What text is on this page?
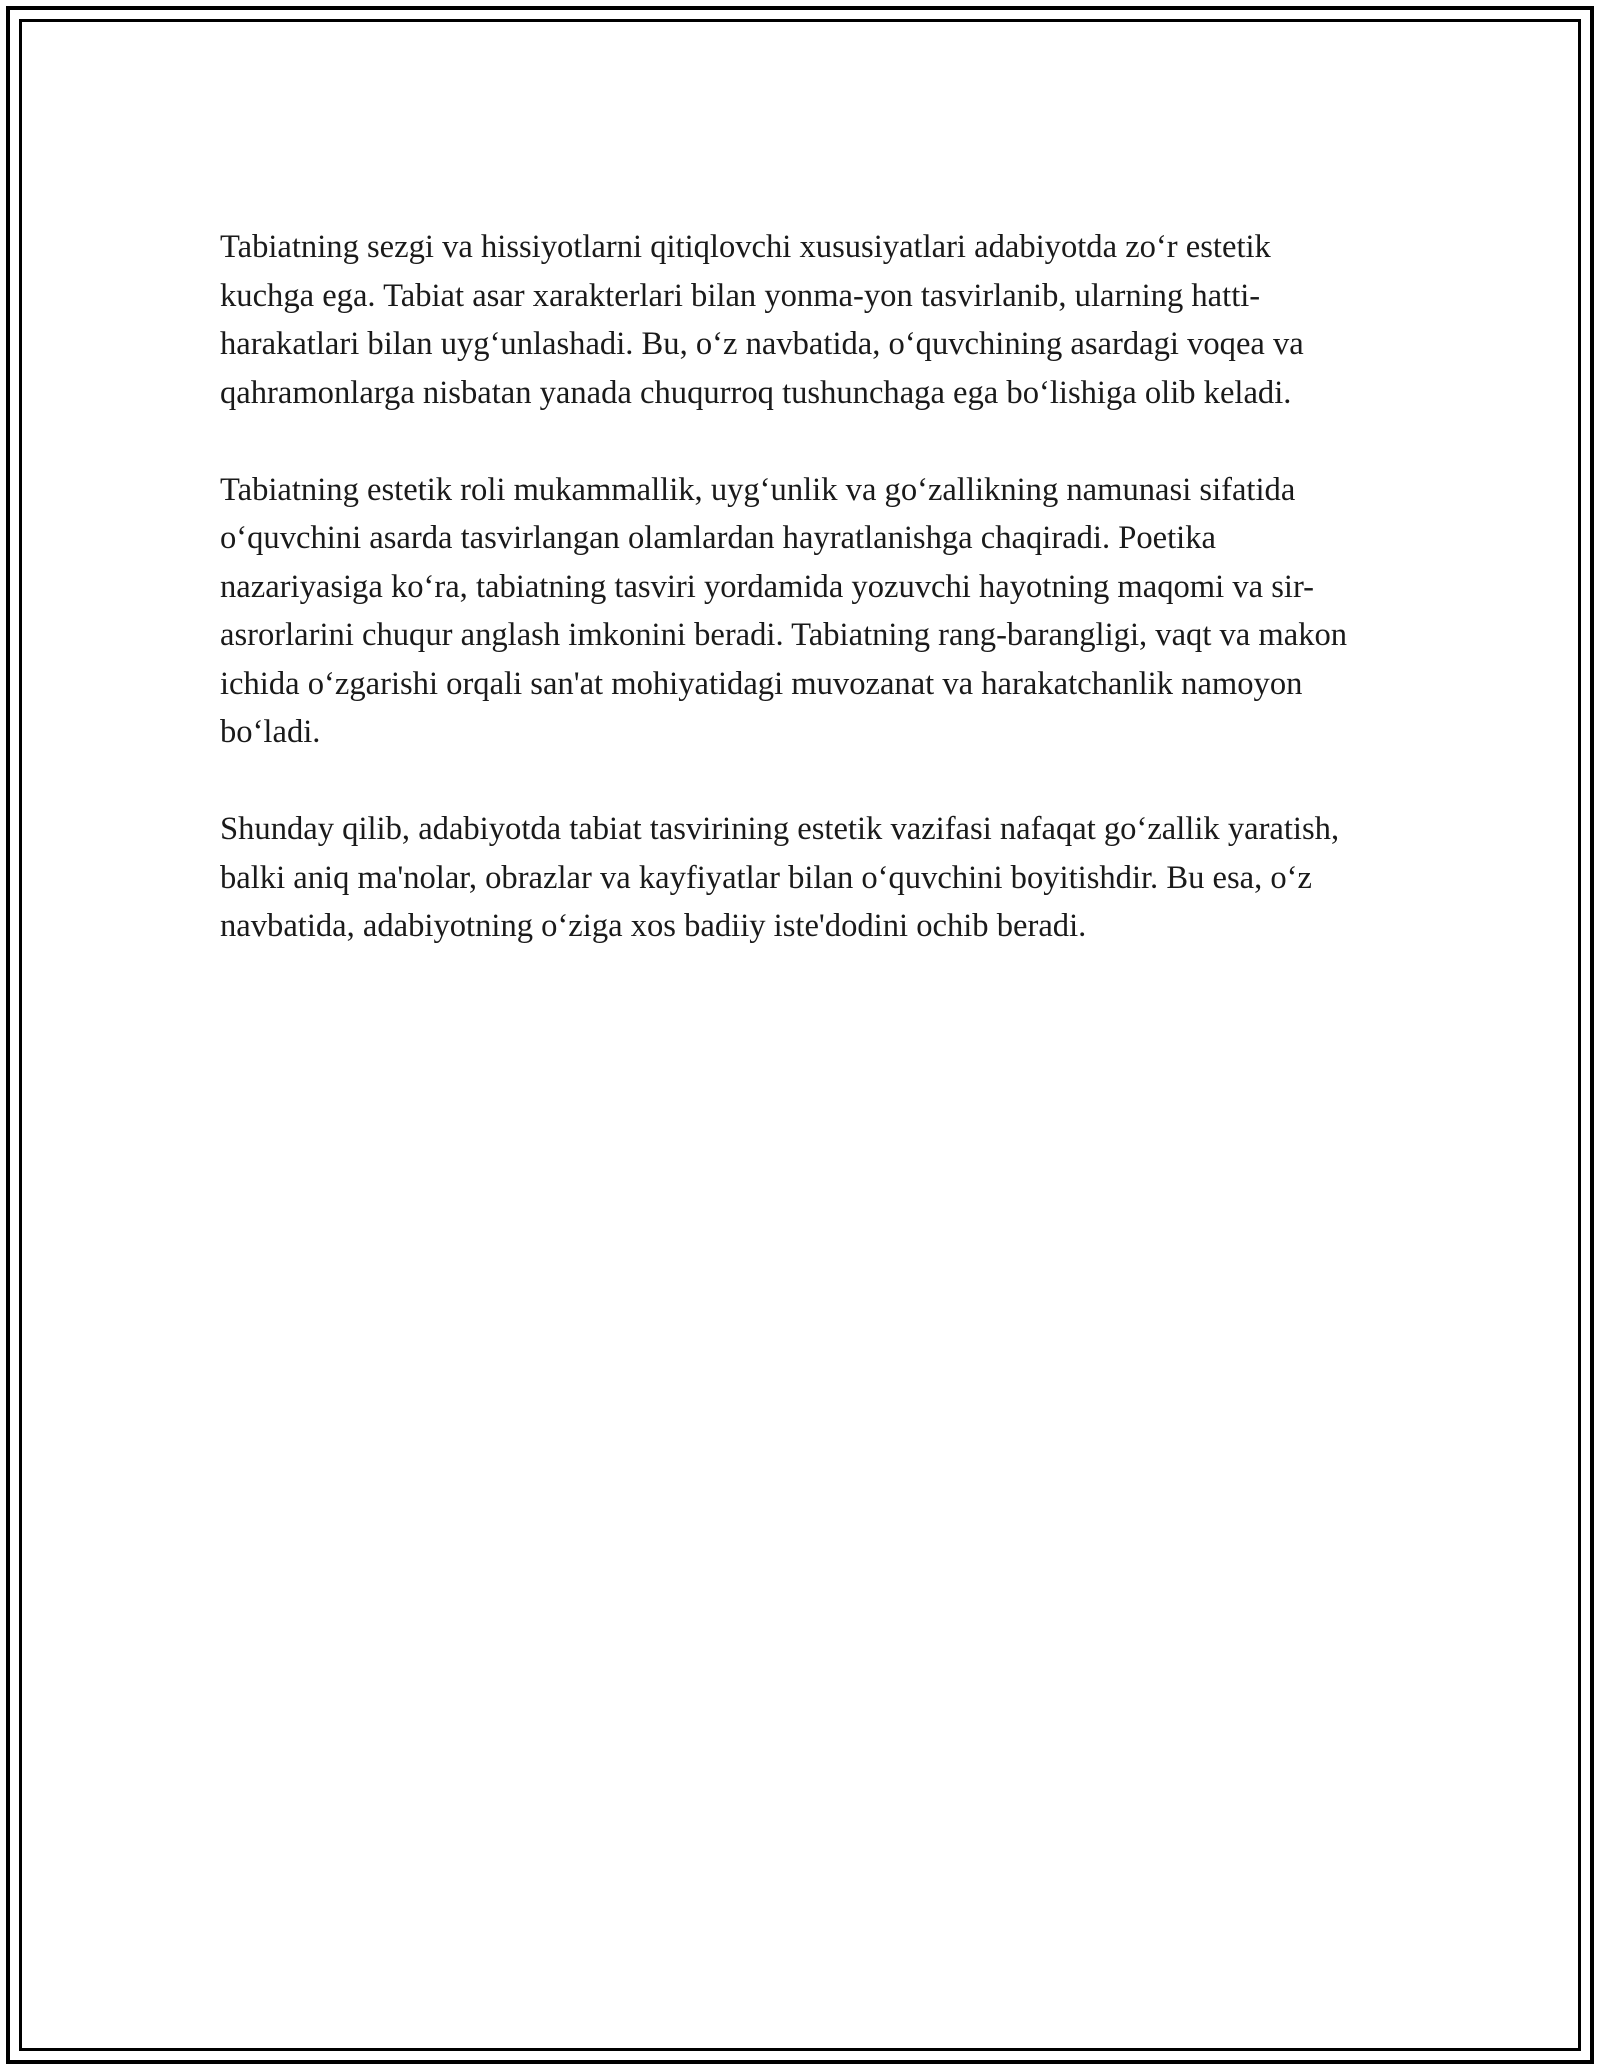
Tabiatning sezgi va hissiyotlarni qitiqlovchi xususiyatlari adabiyotda zo‘r estetik kuchga ega. Tabiat asar xarakterlari bilan yonma-yon tasvirlanib, ularning hatti-harakatlari bilan uyg‘unlashadi. Bu, o‘z navbatida, o‘quvchining asardagi voqea va qahramonlarga nisbatan yanada chuqurroq tushunchaga ega bo‘lishiga olib keladi.

Tabiatning estetik roli mukammallik, uyg‘unlik va go‘zallikning namunasi sifatida o‘quvchini asarda tasvirlangan olamlardan hayratlanishga chaqiradi. Poetika nazariyasiga ko‘ra, tabiatning tasviri yordamida yozuvchi hayotning maqomi va sir-asrorlarini chuqur anglash imkonini beradi. Tabiatning rang-barangligi, vaqt va makon ichida o‘zgarishi orqali san'at mohiyatidagi muvozanat va harakatchanlik namoyon bo‘ladi.

Shunday qilib, adabiyotda tabiat tasvirining estetik vazifasi nafaqat go‘zallik yaratish, balki aniq ma'nolar, obrazlar va kayfiyatlar bilan o‘quvchini boyitishdir. Bu esa, o‘z navbatida, adabiyotning o‘ziga xos badiiy iste'dodini ochib beradi.
